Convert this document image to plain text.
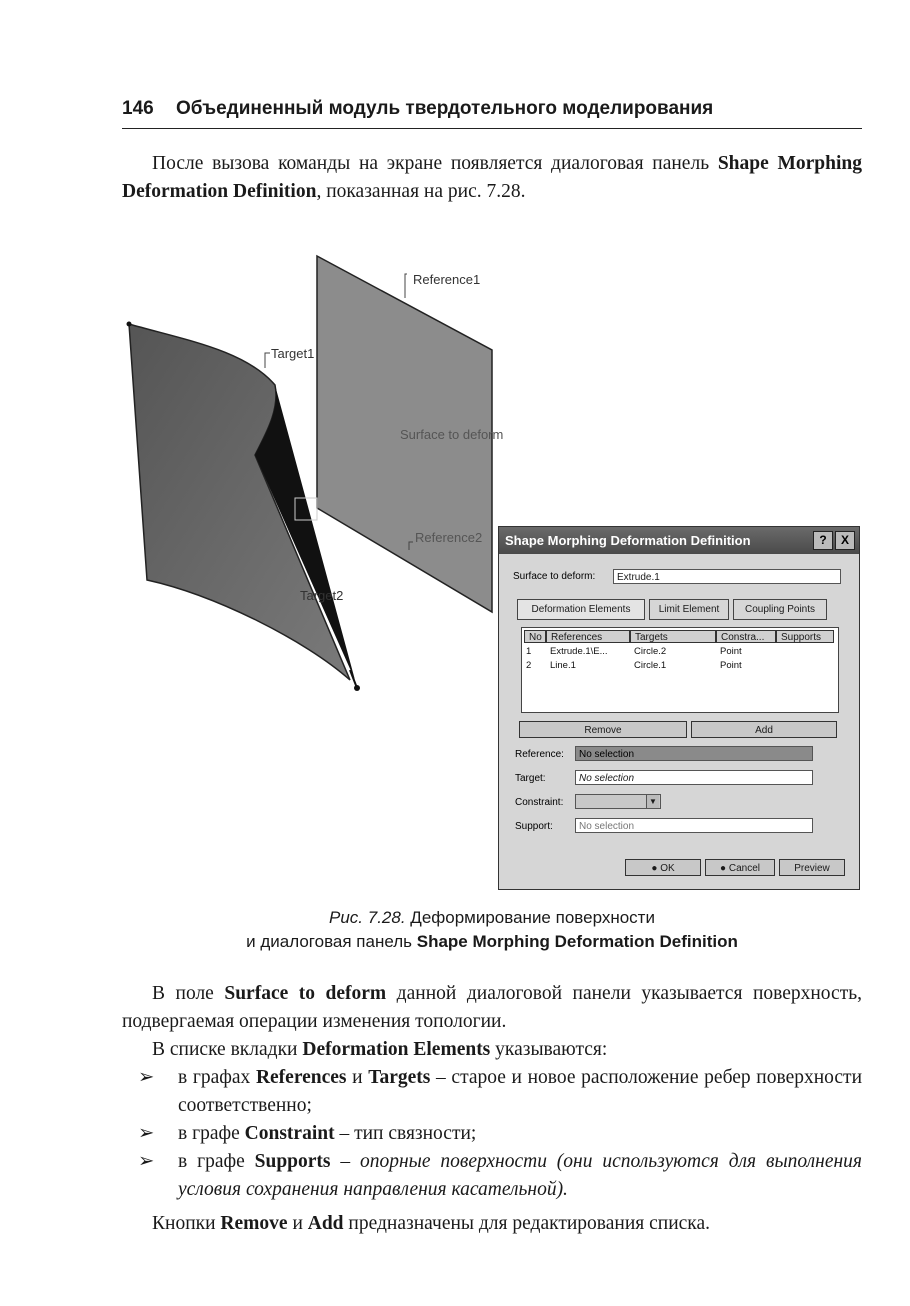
146 Объединенный модуль твердотельного моделирования
После вызова команды на экране появляется диалоговая панель Shape Morphing Deformation Definition, показанная на рис. 7.28.
Reference1
Target1
Surface to deform
Reference2
Target2
Shape Morphing Deformation Definition	?	X
Surface to deform:	Extrude.1
Deformation Elements	Limit Element	Coupling Points
No References	Targets	Constra...	Supports
1 Extrude.1\E...	Circle.2	Point
2 Line.1	Circle.1	Point
Remove	Add
Reference:	No selection
Target:	No selection
Constraint:	▼
Support:	No selection
● OK	● Cancel	Preview
Рис. 7.28. Деформирование поверхности
и диалоговая панель Shape Morphing Deformation Definition
В поле Surface to deform данной диалоговой панели указывается поверхность, подвергаемая операции изменения топологии.
В списке вкладки Deformation Elements указываются:
➢ в графах References и Targets – старое и новое расположение ребер поверхности соответственно;
➢ в графе Constraint – тип связности;
➢ в графе Supports – опорные поверхности (они используются для выполнения условия сохранения направления касательной).
Кнопки Remove и Add предназначены для редактирования списка.
